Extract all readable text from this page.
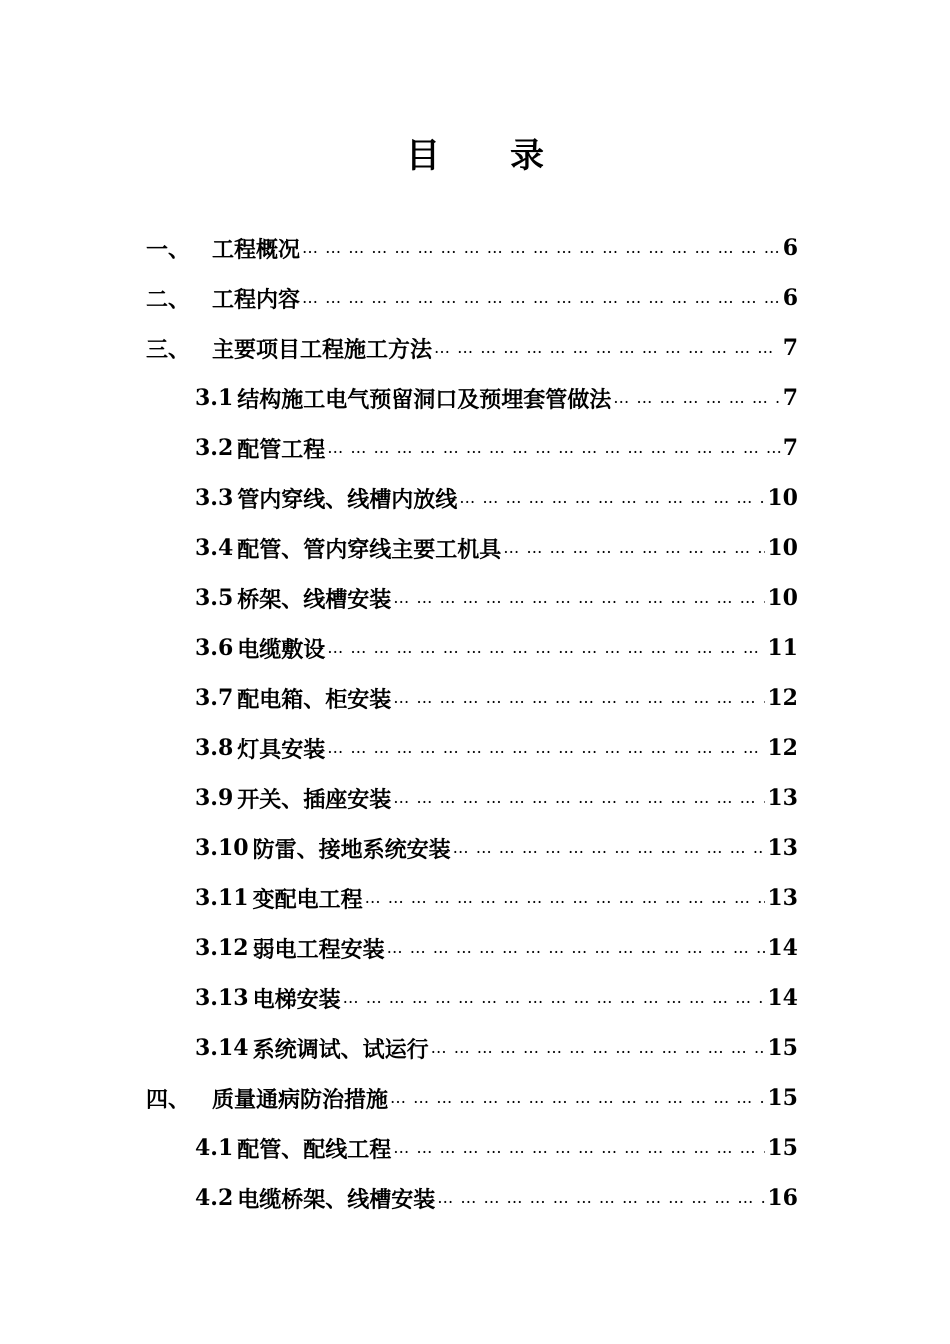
目 录
一、 工程概况 … … … … … … … … … … … … … … … … … … … … … … … … … … … … … … … … … … … … … … … … … … … … … … …	6
二、 工程内容 … … … … … … … … … … … … … … … … … … … … … … … … … … … … … … … … … … … … … … … … … … … … … … …	6
三、 主要项目工程施工方法 … … … … … … … … … … … … … … … … … … … … … … … … … … … … … … … … … … … … … … … … … … … … … … …	7
3.1 结构施工电气预留洞口及预埋套管做法 … … … … … … … … … … … … … … … … … … … … … … … … … … … … … … … … … … … … … … … … … … … … … … …	7
3.2 配管工程 … … … … … … … … … … … … … … … … … … … … … … … … … … … … … … … … … … … … … … … … … … … … … … …	7
3.3 管内穿线、线槽内放线 … … … … … … … … … … … … … … … … … … … … … … … … … … … … … … … … … … … … … … … … … … … … … … …	10
3.4 配管、管内穿线主要工机具 … … … … … … … … … … … … … … … … … … … … … … … … … … … … … … … … … … … … … … … … … … … … … … …	10
3.5 桥架、线槽安装 … … … … … … … … … … … … … … … … … … … … … … … … … … … … … … … … … … … … … … … … … … … … … … …	10
3.6 电缆敷设 … … … … … … … … … … … … … … … … … … … … … … … … … … … … … … … … … … … … … … … … … … … … … … …	11
3.7 配电箱、柜安装 … … … … … … … … … … … … … … … … … … … … … … … … … … … … … … … … … … … … … … … … … … … … … … …	12
3.8 灯具安装 … … … … … … … … … … … … … … … … … … … … … … … … … … … … … … … … … … … … … … … … … … … … … … …	12
3.9 开关、插座安装 … … … … … … … … … … … … … … … … … … … … … … … … … … … … … … … … … … … … … … … … … … … … … … …	13
3.10 防雷、接地系统安装 … … … … … … … … … … … … … … … … … … … … … … … … … … … … … … … … … … … … … … … … … … … … … … …	13
3.11 变配电工程 … … … … … … … … … … … … … … … … … … … … … … … … … … … … … … … … … … … … … … … … … … … … … … …	13
3.12 弱电工程安装 … … … … … … … … … … … … … … … … … … … … … … … … … … … … … … … … … … … … … … … … … … … … … … …	14
3.13 电梯安装 … … … … … … … … … … … … … … … … … … … … … … … … … … … … … … … … … … … … … … … … … … … … … … …	14
3.14 系统调试、试运行 … … … … … … … … … … … … … … … … … … … … … … … … … … … … … … … … … … … … … … … … … … … … … … …	15
四、 质量通病防治措施 … … … … … … … … … … … … … … … … … … … … … … … … … … … … … … … … … … … … … … … … … … … … … … …	15
4.1 配管、配线工程 … … … … … … … … … … … … … … … … … … … … … … … … … … … … … … … … … … … … … … … … … … … … … … …	15
4.2 电缆桥架、线槽安装 … … … … … … … … … … … … … … … … … … … … … … … … … … … … … … … … … … … … … … … … … … … … … … …	16
